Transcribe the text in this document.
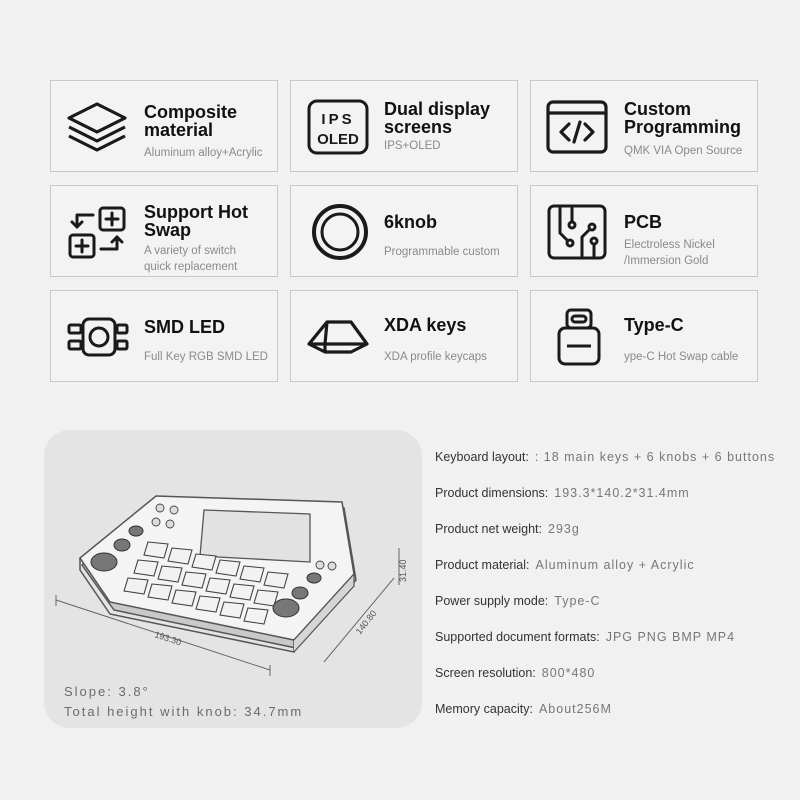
Composite material
Aluminum alloy+Acrylic
IPS
OLED
Dual display screens
IPS+OLED
Custom Programming
QMK VIA Open Source
Support Hot Swap
A variety of switch quick replacement
6knob
Programmable custom
PCB
Electroless Nickel /Immersion Gold
SMD LED
Full Key RGB SMD LED
XDA keys
XDA profile keycaps
Type-C
ype-C Hot Swap cable
193.30
140.80
31.40
Slope: 3.8°
Total height with knob: 34.7mm
Keyboard layout: : 18 main keys + 6 knobs + 6 buttons
Product dimensions: 193.3*140.2*31.4mm
Product net weight: 293g
Product material: Aluminum alloy + Acrylic
Power supply mode: Type-C
Supported document formats: JPG PNG BMP MP4
Screen resolution: 800*480
Memory capacity: About256M
